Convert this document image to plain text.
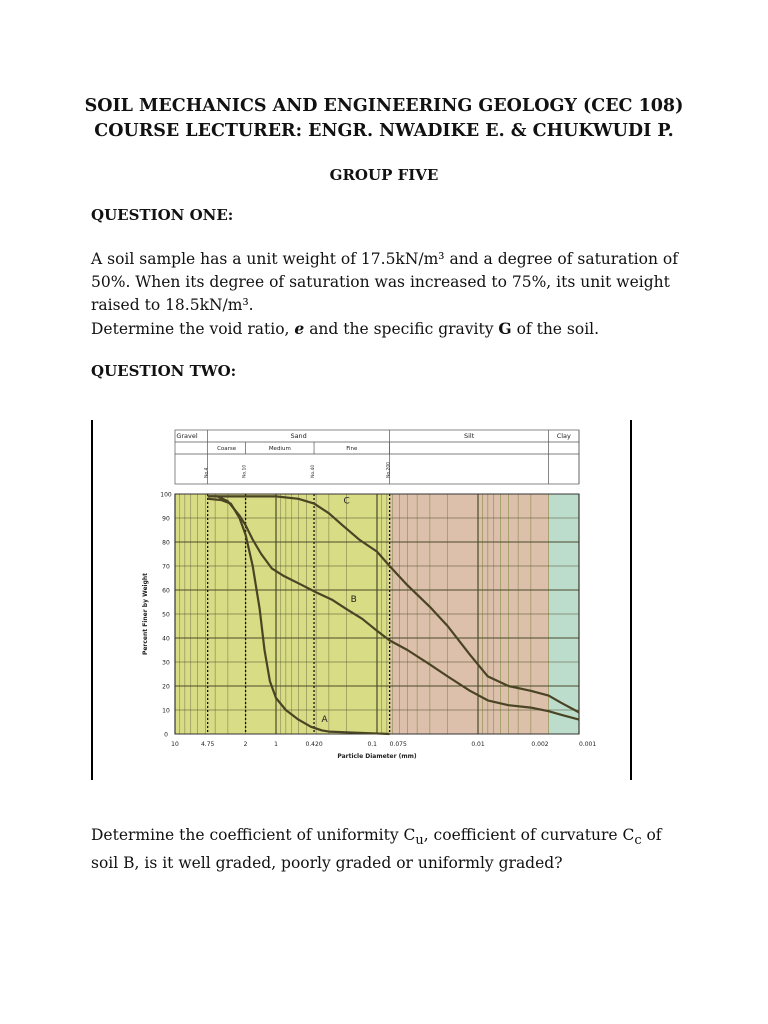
SOIL MECHANICS AND ENGINEERING GEOLOGY (CEC 108)
COURSE LECTURER: ENGR. NWADIKE E. & CHUKWUDI P.
GROUP FIVE
QUESTION ONE:

A soil sample has a unit weight of 17.5kN/m³ and a degree of saturation of 50%. When its degree of saturation was increased to 75%, its unit weight raised to 18.5kN/m³.

Determine the void ratio, e and the specific gravity G of the soil.

QUESTION TWO:
0
10
20
30
40
50
60
70
80
90
100
Gravel	Sand	Silt	Clay
Coarse	Medium	Fine
No.4	No.10	No.40	No.200
10	4.75	2	1	0.420	0.1 0.075	0.01	0.002	0.001
Particle Diameter (mm)
Percent Finer by Weight
A
B
C

Determine the coefficient of uniformity $C_u$, coefficient of curvature $C_c$ of soil B, is it well graded, poorly graded or uniformly graded?
